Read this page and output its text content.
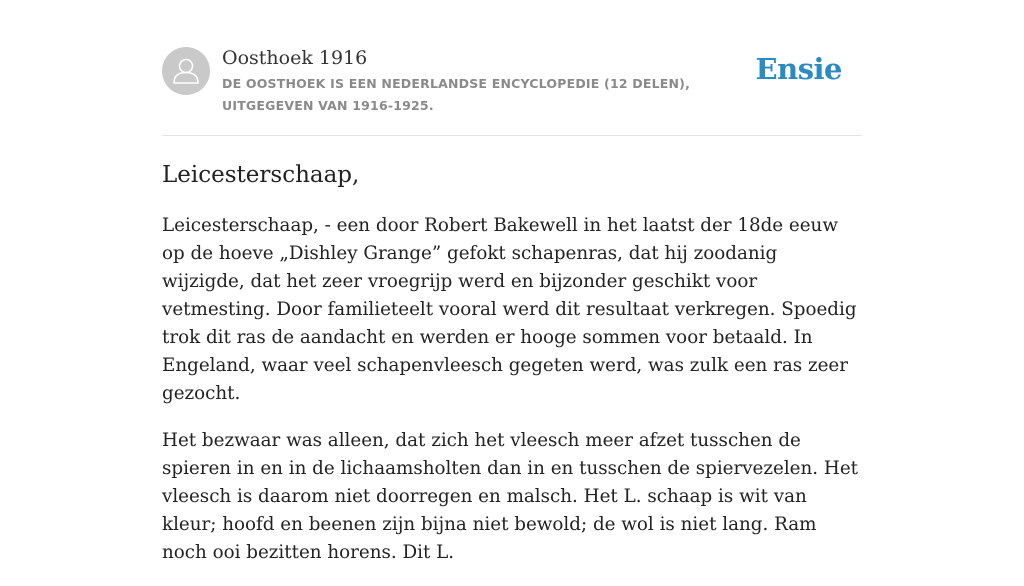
Oosthoek 1916
DE OOSTHOEK IS EEN NEDERLANDSE ENCYCLOPEDIE (12 DELEN), UITGEGEVEN VAN 1916-1925.
Ensie
Leicesterschaap,

Leicesterschaap, - een door Robert Bakewell in het laatst der 18de eeuw op de hoeve „Dishley Grange” gefokt schapenras, dat hij zoodanig wijzigde, dat het zeer vroegrijp werd en bijzonder geschikt voor vetmesting. Door familieteelt vooral werd dit resultaat verkregen. Spoedig trok dit ras de aandacht en werden er hooge sommen voor betaald. In Engeland, waar veel schapenvleesch gegeten werd, was zulk een ras zeer gezocht.

Het bezwaar was alleen, dat zich het vleesch meer afzet tusschen de spieren in en in de lichaamsholten dan in en tusschen de spiervezelen. Het vleesch is daarom niet doorregen en malsch. Het L. schaap is wit van kleur; hoofd en beenen zijn bijna niet bewold; de wol is niet lang. Ram noch ooi bezitten horens. Dit L.
